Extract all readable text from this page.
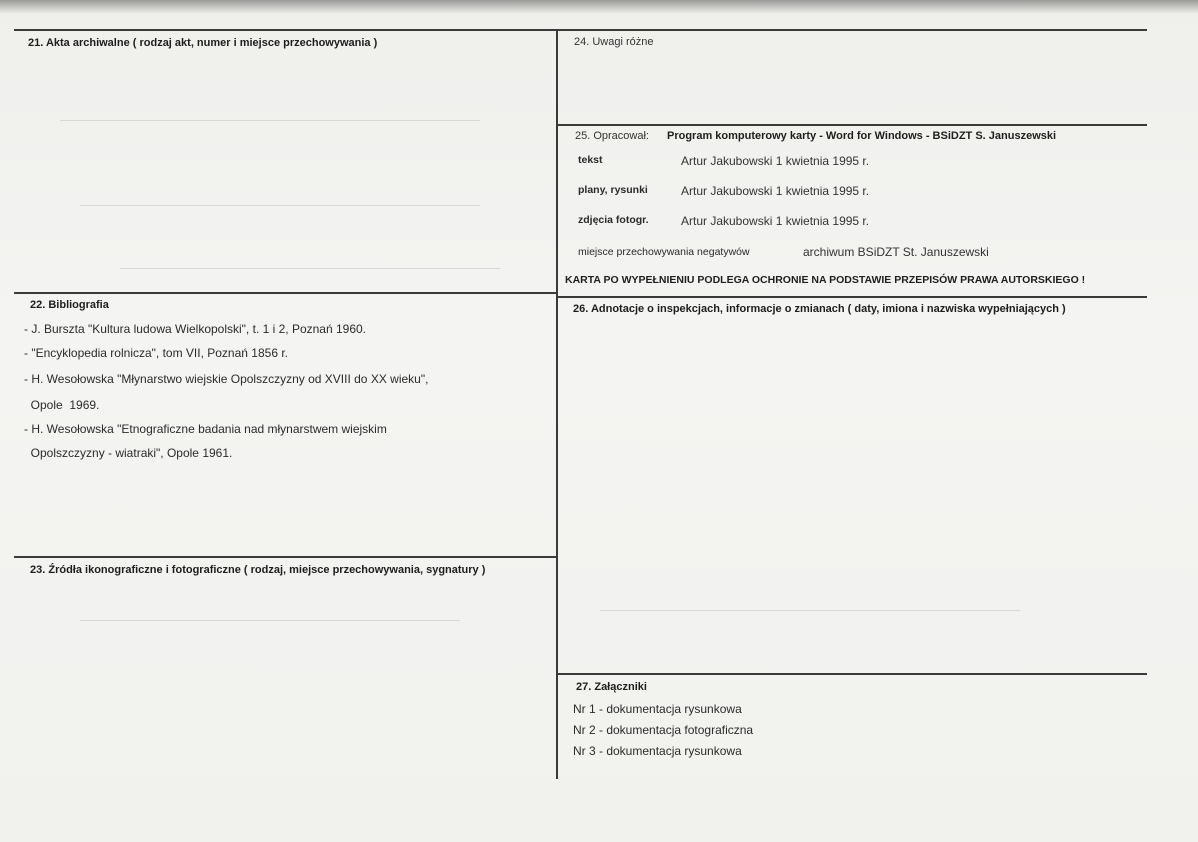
21. Akta archiwalne ( rodzaj akt, numer i miejsce przechowywania )
22. Bibliografia
- J. Burszta "Kultura ludowa Wielkopolski", t. 1 i 2, Poznań 1960.
- "Encyklopedia rolnicza", tom VII, Poznań 1856 r.
- H. Wesołowska "Młynarstwo wiejskie Opolszczyzny od XVIII do XX wieku",
Opole  1969.
- H. Wesołowska "Etnograficzne badania nad młynarstwem wiejskim
Opolszczyzny - wiatraki", Opole 1961.
23. Źródła ikonograficzne i fotograficzne ( rodzaj, miejsce przechowywania, sygnatury )
24. Uwagi różne
25. Opracował: Program komputerowy karty - Word for Windows - BSiDZT S. Januszewski
tekst	Artur Jakubowski 1 kwietnia 1995 r.
plany, rysunki	Artur Jakubowski 1 kwietnia 1995 r.
zdjęcia fotogr.	Artur Jakubowski 1 kwietnia 1995 r.
miejsce przechowywania negatywów	archiwum BSiDZT St. Januszewski
KARTA PO WYPEŁNIENIU PODLEGA OCHRONIE NA PODSTAWIE PRZEPISÓW PRAWA AUTORSKIEGO !
26. Adnotacje o inspekcjach, informacje o zmianach ( daty, imiona i nazwiska wypełniających )
27. Załączniki
Nr 1 - dokumentacja rysunkowa
Nr 2 - dokumentacja fotograficzna
Nr 3 - dokumentacja rysunkowa
